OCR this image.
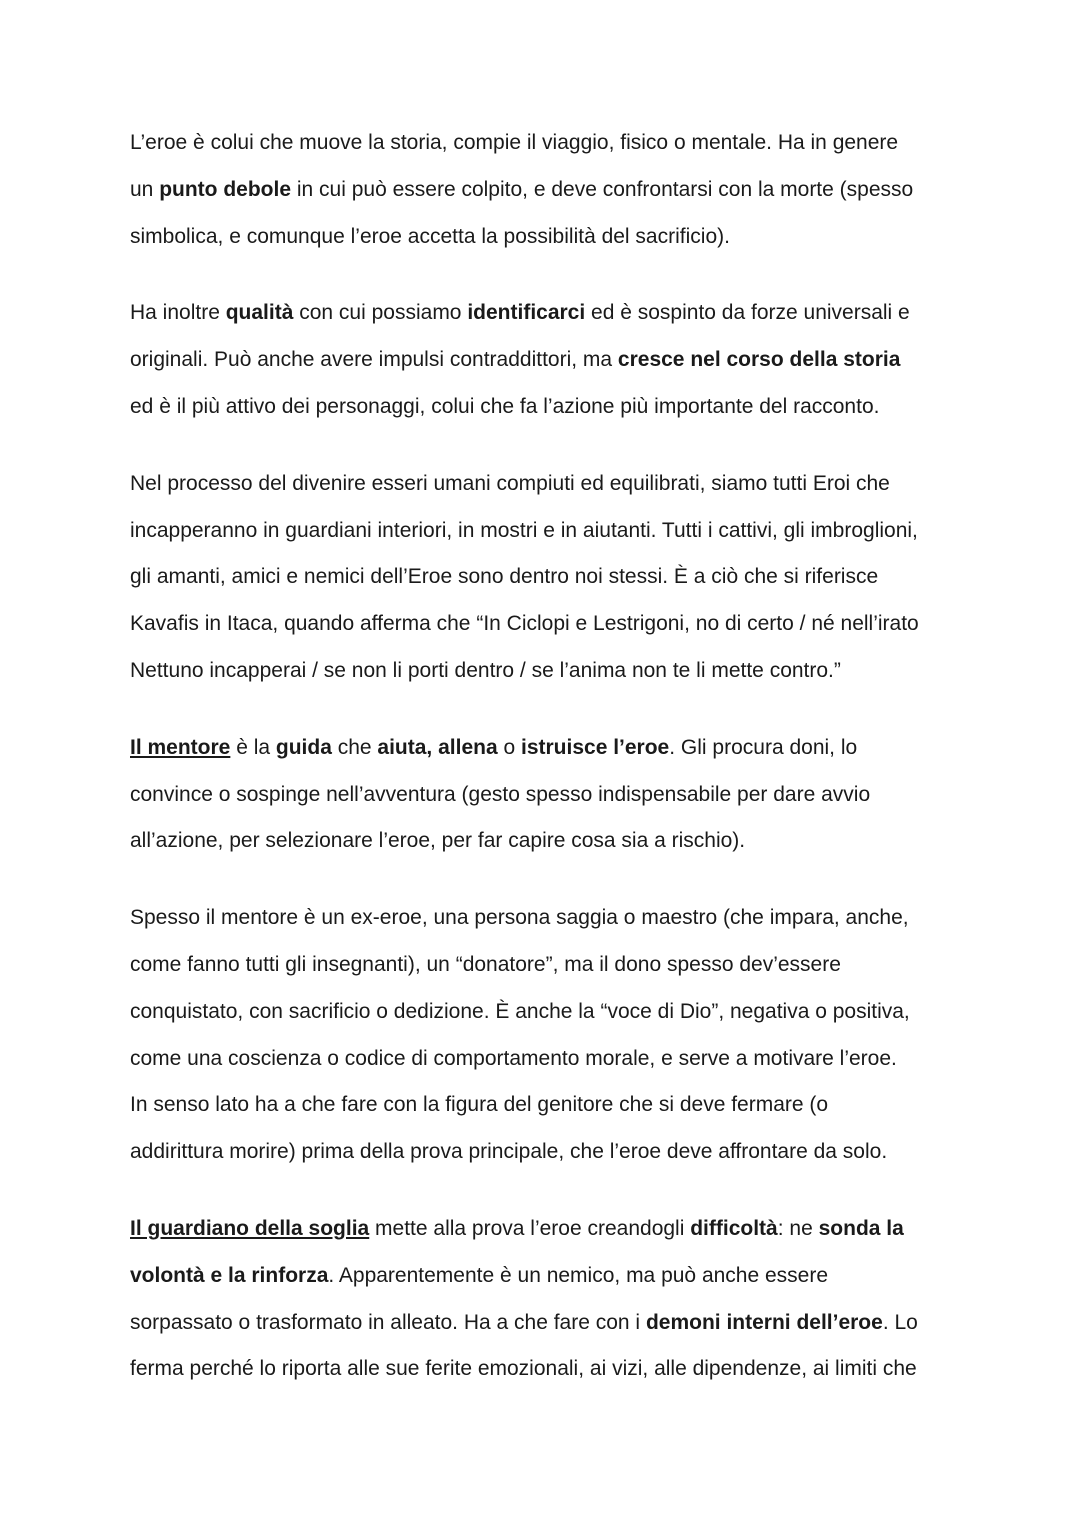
L’eroe è colui che muove la storia, compie il viaggio, fisico o mentale. Ha in genere
un punto debole in cui può essere colpito, e deve confrontarsi con la morte (spesso
simbolica, e comunque l’eroe accetta la possibilità del sacrificio).

Ha inoltre qualità con cui possiamo identificarci ed è sospinto da forze universali e
originali. Può anche avere impulsi contraddittori, ma cresce nel corso della storia
ed è il più attivo dei personaggi, colui che fa l’azione più importante del racconto.

Nel processo del divenire esseri umani compiuti ed equilibrati, siamo tutti Eroi che
incapperanno in guardiani interiori, in mostri e in aiutanti. Tutti i cattivi, gli imbroglioni,
gli amanti, amici e nemici dell’Eroe sono dentro noi stessi. È a ciò che si riferisce
Kavafis in Itaca, quando afferma che “In Ciclopi e Lestrigoni, no di certo / né nell’irato
Nettuno incapperai / se non li porti dentro / se l’anima non te li mette contro.”

Il mentore è la guida che aiuta, allena o istruisce l’eroe. Gli procura doni, lo
convince o sospinge nell’avventura (gesto spesso indispensabile per dare avvio
all’azione, per selezionare l’eroe, per far capire cosa sia a rischio).

Spesso il mentore è un ex-eroe, una persona saggia o maestro (che impara, anche,
come fanno tutti gli insegnanti), un “donatore”, ma il dono spesso dev’essere
conquistato, con sacrificio o dedizione. È anche la “voce di Dio”, negativa o positiva,
come una coscienza o codice di comportamento morale, e serve a motivare l’eroe.
In senso lato ha a che fare con la figura del genitore che si deve fermare (o
addirittura morire) prima della prova principale, che l’eroe deve affrontare da solo.

Il guardiano della soglia mette alla prova l’eroe creandogli difficoltà: ne sonda la
volontà e la rinforza. Apparentemente è un nemico, ma può anche essere
sorpassato o trasformato in alleato. Ha a che fare con i demoni interni dell’eroe. Lo
ferma perché lo riporta alle sue ferite emozionali, ai vizi, alle dipendenze, ai limiti che
